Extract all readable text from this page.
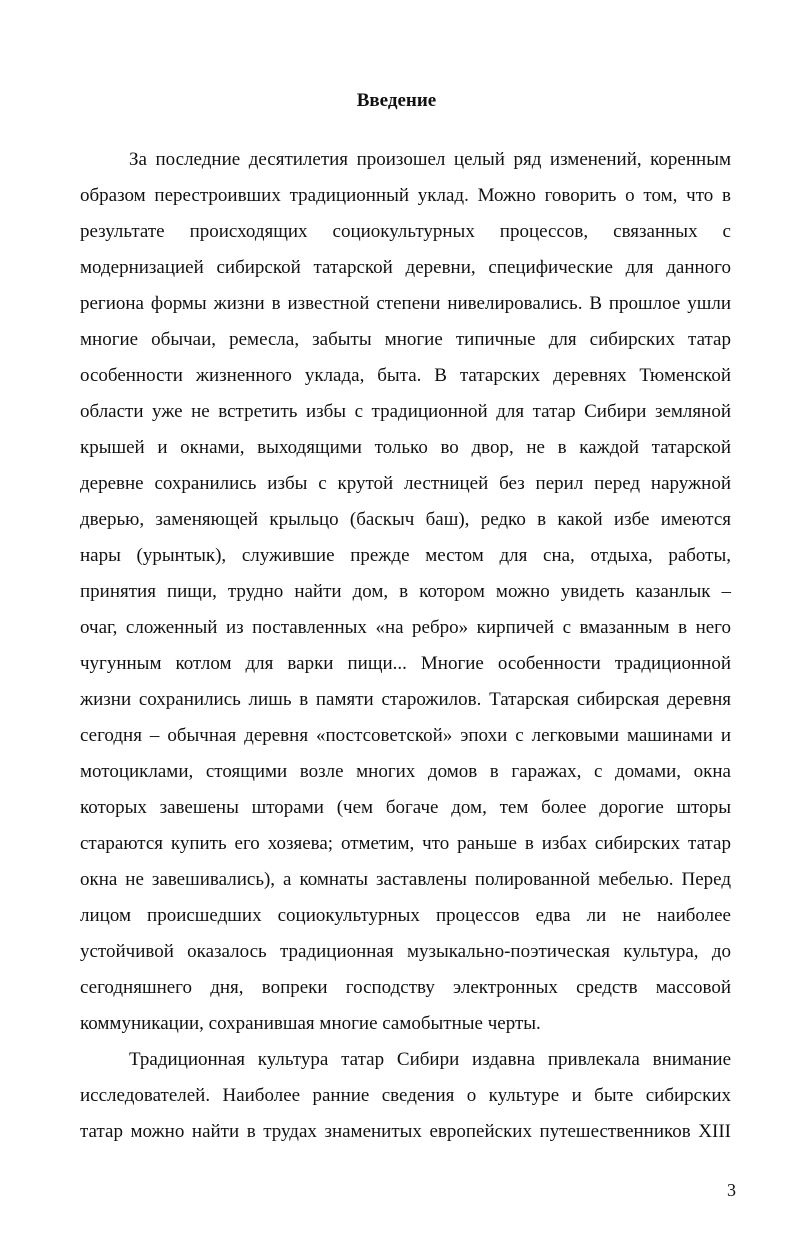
Введение
За последние десятилетия произошел целый ряд изменений, коренным
образом перестроивших традиционный уклад. Можно говорить о том, что в
результате происходящих социокультурных процессов, связанных с
модернизацией сибирской татарской деревни, специфические для данного
региона формы жизни в известной степени нивелировались. В прошлое ушли
многие обычаи, ремесла, забыты многие типичные для сибирских татар
особенности жизненного уклада, быта. В татарских деревнях Тюменской
области уже не встретить избы с традиционной для татар Сибири земляной
крышей и окнами, выходящими только во двор, не в каждой татарской
деревне сохранились избы с крутой лестницей без перил перед наружной
дверью, заменяющей крыльцо (баскыч баш), редко в какой избе имеются
нары (урынтык), служившие прежде местом для сна, отдыха, работы,
принятия пищи, трудно найти дом, в котором можно увидеть казанлык –
очаг, сложенный из поставленных «на ребро» кирпичей с вмазанным в него
чугунным котлом для варки пищи... Многие особенности традиционной
жизни сохранились лишь в памяти старожилов. Татарская сибирская деревня
сегодня – обычная деревня «постсоветской» эпохи с легковыми машинами и
мотоциклами, стоящими возле многих домов в гаражах, с домами, окна
которых завешены шторами (чем богаче дом, тем более дорогие шторы
стараются купить его хозяева; отметим, что раньше в избах сибирских татар
окна не завешивались), а комнаты заставлены полированной мебелью. Перед
лицом происшедших социокультурных процессов едва ли не наиболее
устойчивой оказалось традиционная музыкально-поэтическая культура, до
сегодняшнего дня, вопреки господству электронных средств массовой
коммуникации, сохранившая многие самобытные черты.
Традиционная культура татар Сибири издавна привлекала внимание
исследователей. Наиболее ранние сведения о культуре и быте сибирских
татар можно найти в трудах знаменитых европейских путешественников XIII
3
